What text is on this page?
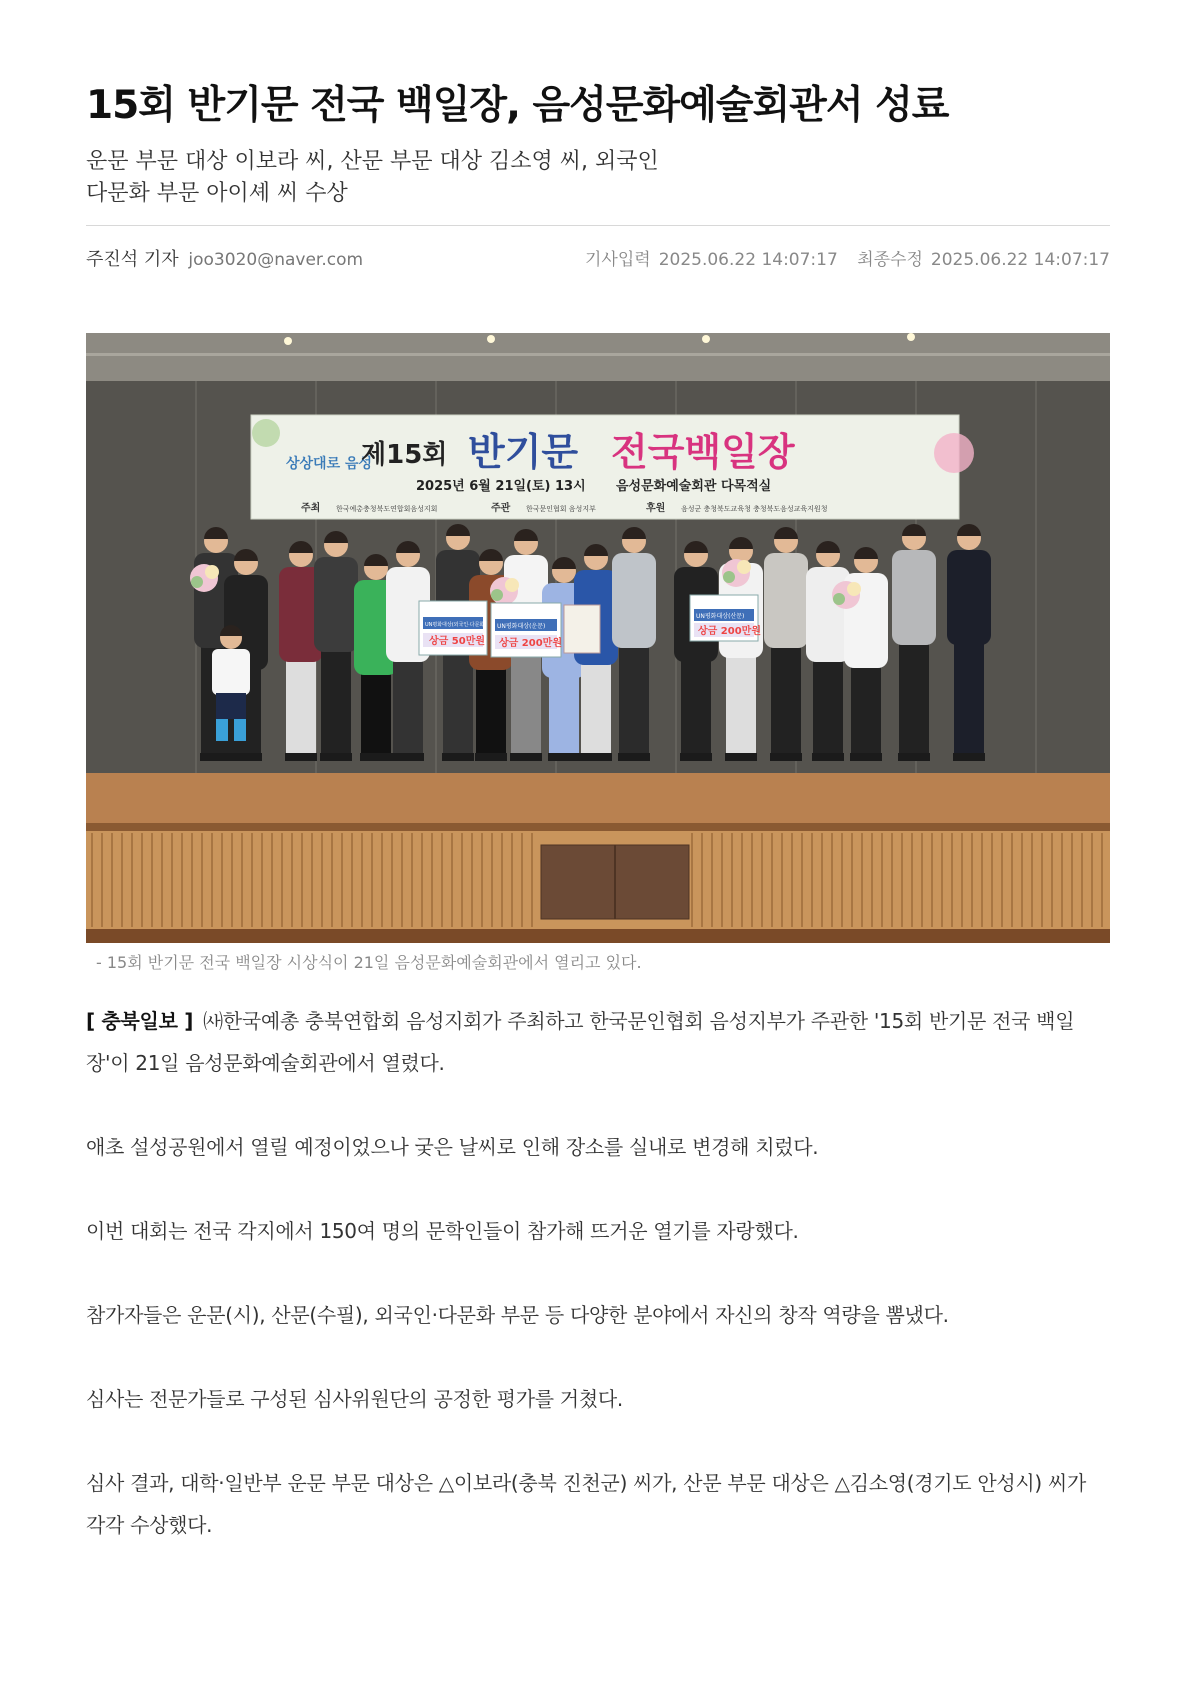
15회 반기문 전국 백일장, 음성문화예술회관서 성료

운문 부문 대상 이보라 씨, 산문 부문 대상 김소영 씨, 외국인 다문화 부문 아이셰 씨 수상

주진석 기자 joo3020@naver.com	기사입력 2025.06.22 14:07:17 최종수정 2025.06.22 14:07:17
상상대로 음성
제15회 반기문 전국백일장
2025년 6월 21일(토) 13시 음성문화예술회관 다목적실
주최 한국예총충청북도연합회음성지회	주관 한국문인협회 음성지부	후원 음성군 충청북도교육청 충청북도음성교육지원청
UN평화대상(외국인·다문화)
상금 50만원
UN평화대상(운문)
상금 200만원
UN평화대상(산문)
상금 200만원
- 15회 반기문 전국 백일장 시상식이 21일 음성문화예술회관에서 열리고 있다.

[ 충북일보 ] ㈔한국예총 충북연합회 음성지회가 주최하고 한국문인협회 음성지부가 주관한 '15회 반기문 전국 백일장'이 21일 음성문화예술회관에서 열렸다.

애초 설성공원에서 열릴 예정이었으나 궂은 날씨로 인해 장소를 실내로 변경해 치렀다.

이번 대회는 전국 각지에서 150여 명의 문학인들이 참가해 뜨거운 열기를 자랑했다.

참가자들은 운문(시), 산문(수필), 외국인·다문화 부문 등 다양한 분야에서 자신의 창작 역량을 뽐냈다.

심사는 전문가들로 구성된 심사위원단의 공정한 평가를 거쳤다.

심사 결과, 대학·일반부 운문 부문 대상은 △이보라(충북 진천군) 씨가, 산문 부문 대상은 △김소영(경기도 안성시) 씨가 각각 수상했다.
